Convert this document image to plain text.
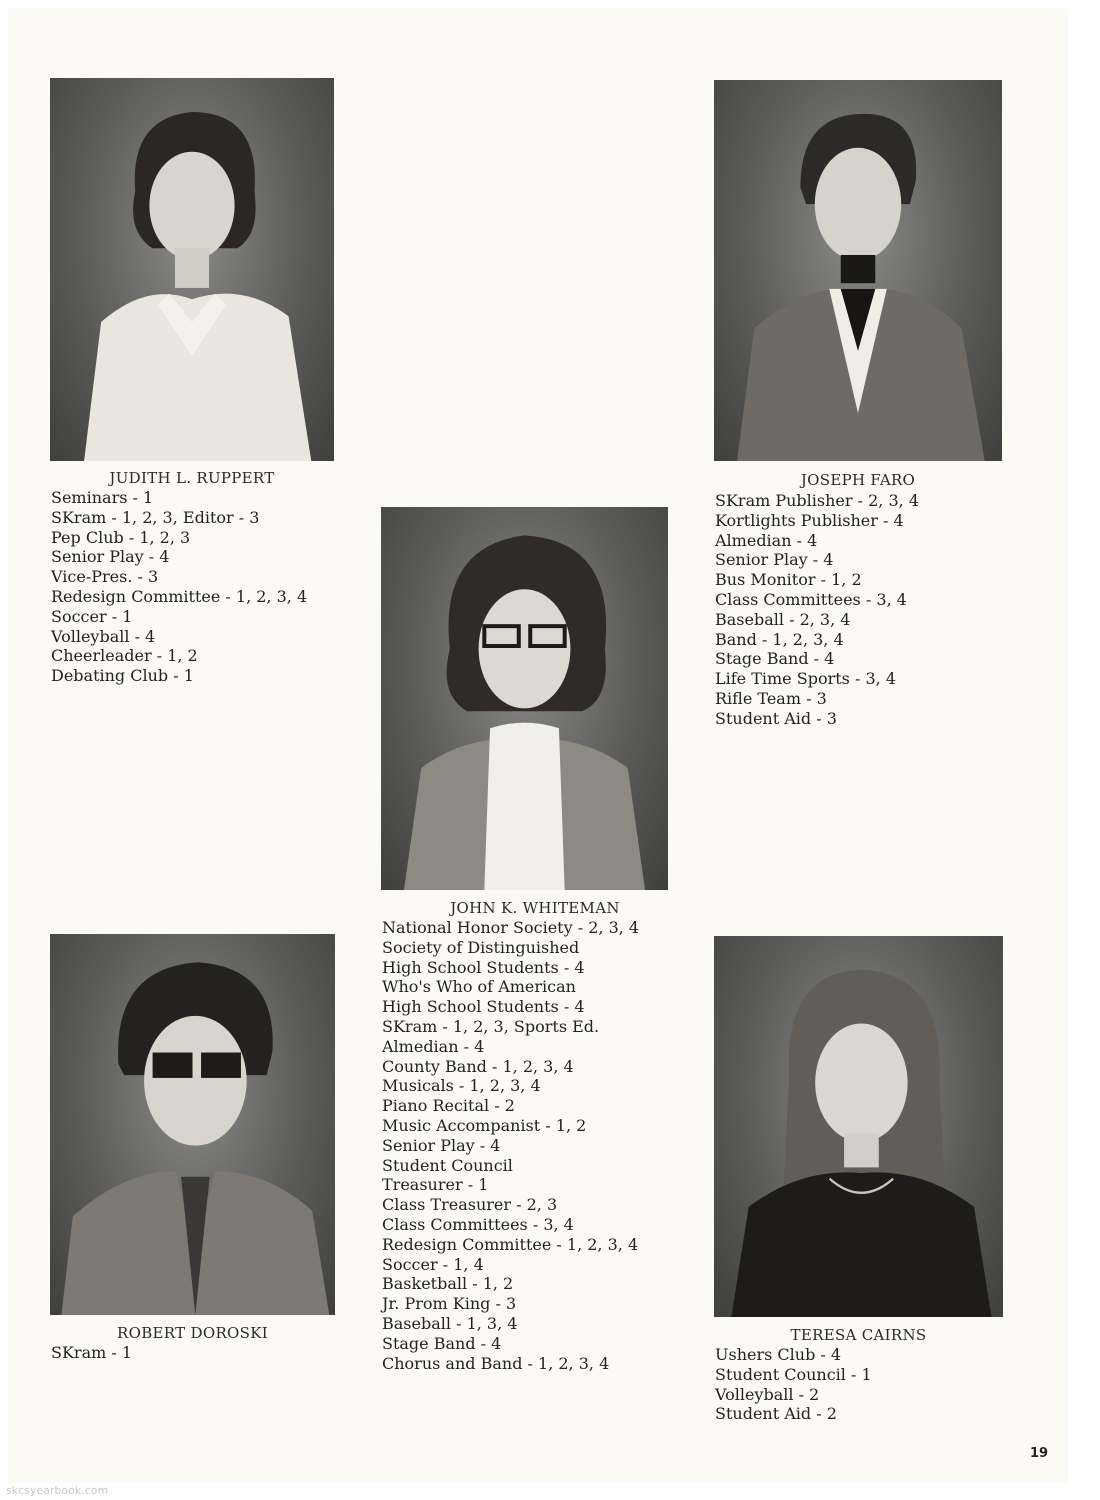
JUDITH L. RUPPERT
Seminars - 1
SKram - 1, 2, 3, Editor - 3
Pep Club - 1, 2, 3
Senior Play - 4
Vice-Pres. - 3
Redesign Committee - 1, 2, 3, 4
Soccer - 1
Volleyball - 4
Cheerleader - 1, 2
Debating Club - 1
JOSEPH FARO
SKram Publisher - 2, 3, 4
Kortlights Publisher - 4
Almedian - 4
Senior Play - 4
Bus Monitor - 1, 2
Class Committees - 3, 4
Baseball - 2, 3, 4
Band - 1, 2, 3, 4
Stage Band - 4
Life Time Sports - 3, 4
Rifle Team - 3
Student Aid - 3
JOHN K. WHITEMAN
National Honor Society - 2, 3, 4
Society of Distinguished
High School Students - 4
Who's Who of American
High School Students - 4
SKram - 1, 2, 3, Sports Ed.
Almedian - 4
County Band - 1, 2, 3, 4
Musicals - 1, 2, 3, 4
Piano Recital - 2
Music Accompanist - 1, 2
Senior Play - 4
Student Council
Treasurer - 1
Class Treasurer - 2, 3
Class Committees - 3, 4
Redesign Committee - 1, 2, 3, 4
Soccer - 1, 4
Basketball - 1, 2
Jr. Prom King - 3
Baseball - 1, 3, 4
Stage Band - 4
Chorus and Band - 1, 2, 3, 4
ROBERT DOROSKI
SKram - 1
TERESA CAIRNS
Ushers Club - 4
Student Council - 1
Volleyball - 2
Student Aid - 2
19
skcsyearbook.com
